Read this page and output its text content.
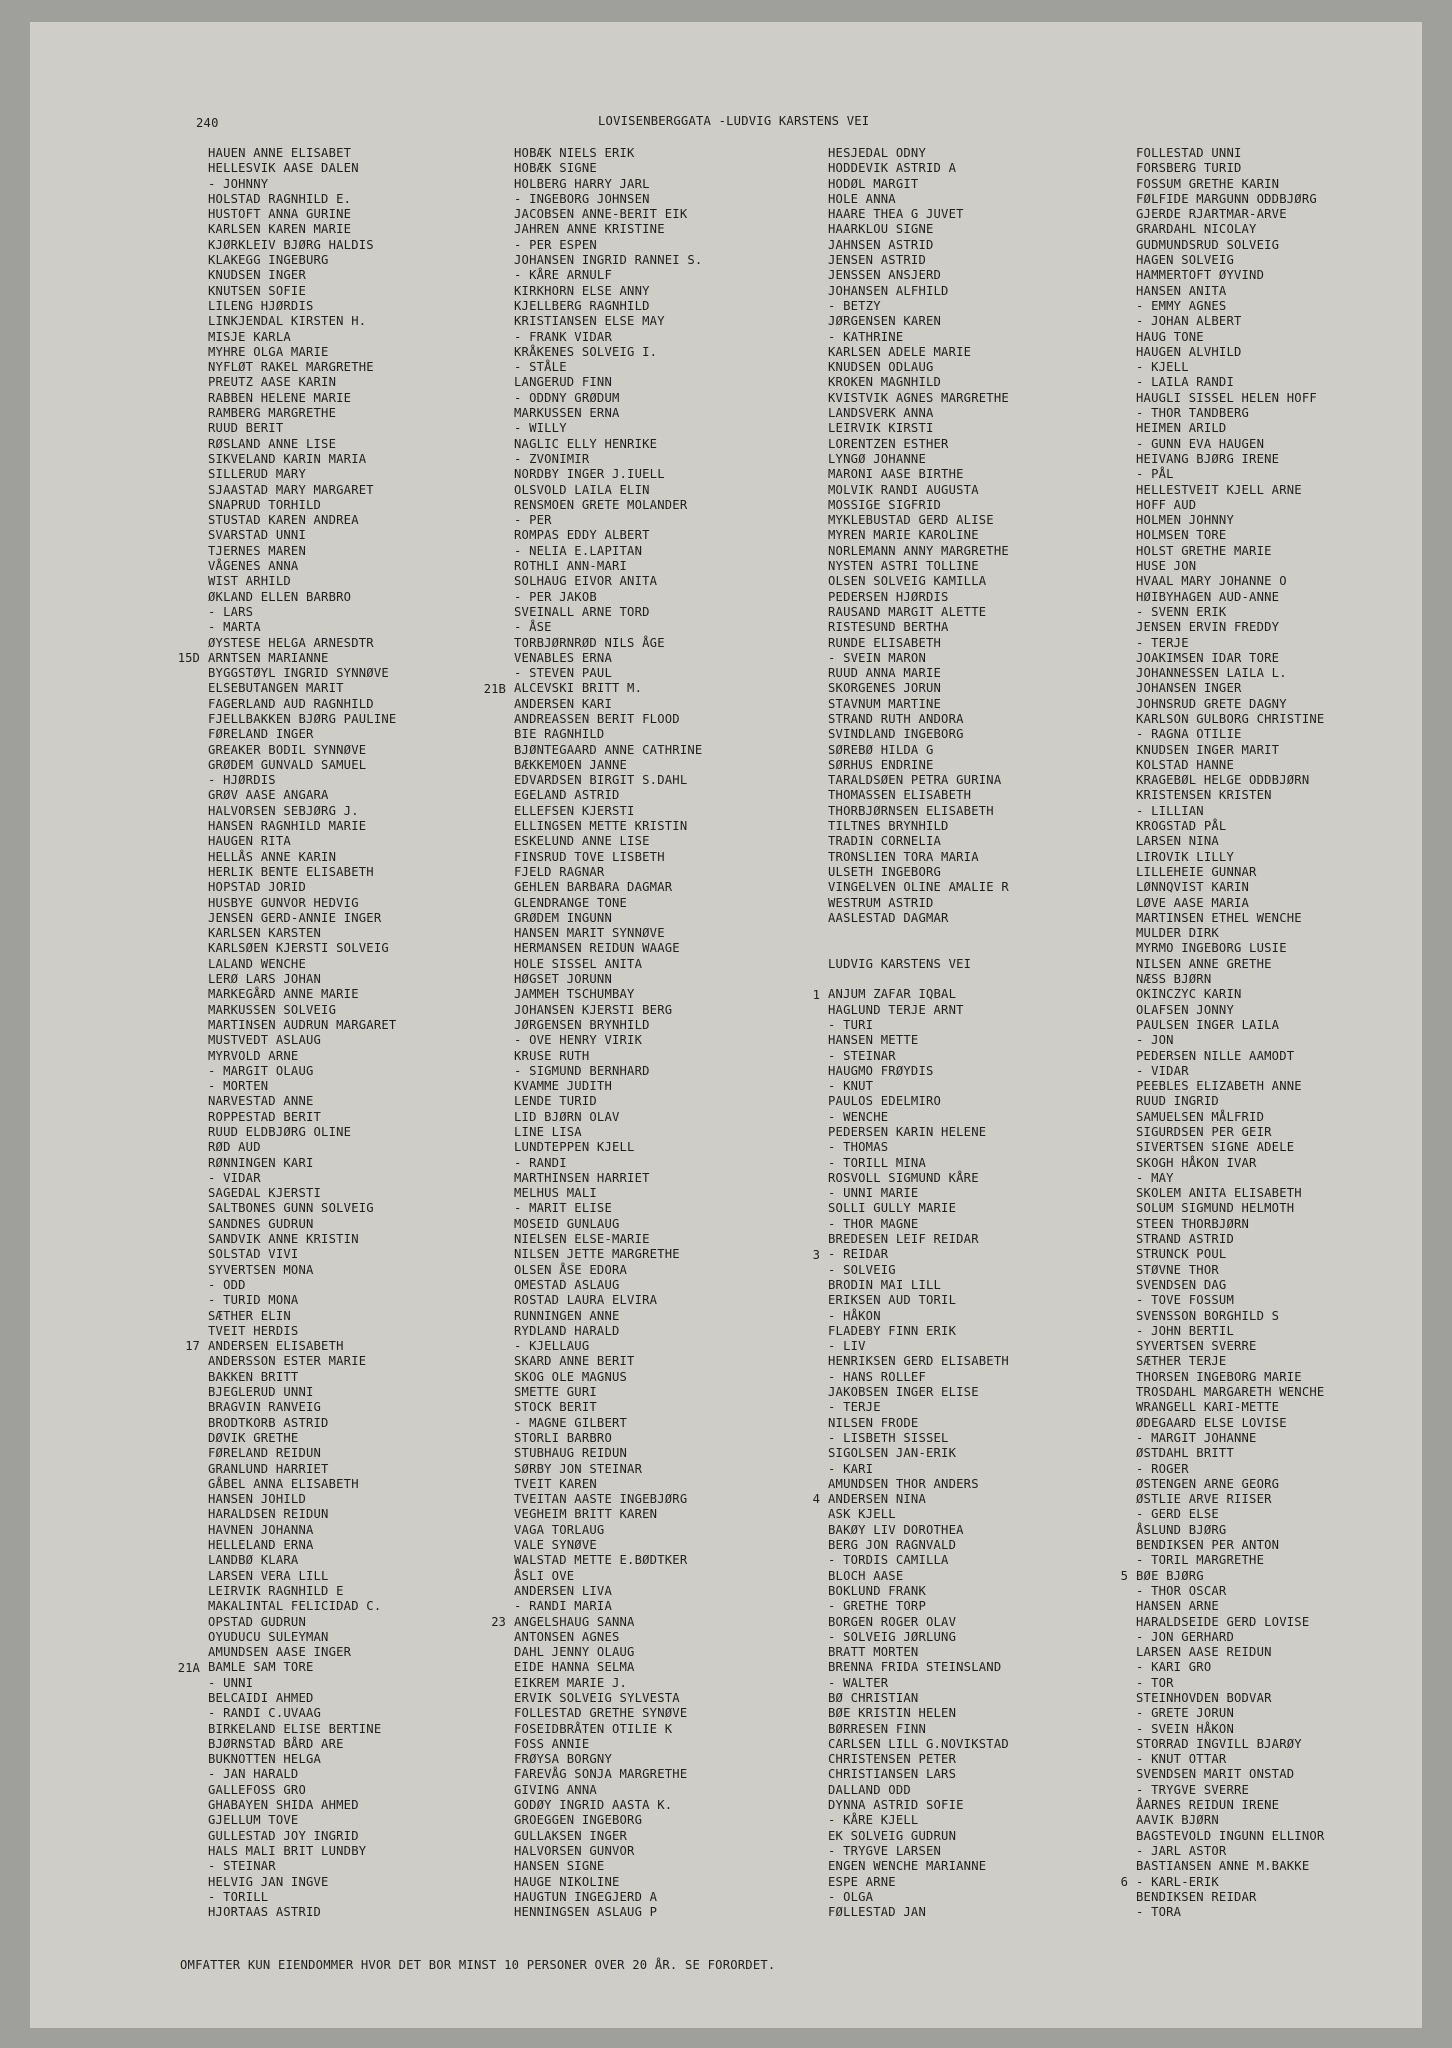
240	LOVISENBERGGATA -LUDVIG KARSTENS VEI
HAUEN ANNE ELISABET
HELLESVIK AASE DALEN
- JOHNNY
HOLSTAD RAGNHILD E.
HUSTOFT ANNA GURINE
KARLSEN KAREN MARIE
KJØRKLEIV BJØRG HALDIS
KLAKEGG INGEBURG
KNUDSEN INGER
KNUTSEN SOFIE
LILENG HJØRDIS
LINKJENDAL KIRSTEN H.
MISJE KARLA
MYHRE OLGA MARIE
NYFLØT RAKEL MARGRETHE
PREUTZ AASE KARIN
RABBEN HELENE MARIE
RAMBERG MARGRETHE
RUUD BERIT
RØSLAND ANNE LISE
SIKVELAND KARIN MARIA
SILLERUD MARY
SJAASTAD MARY MARGARET
SNAPRUD TORHILD
STUSTAD KAREN ANDREA
SVARSTAD UNNI
TJERNES MAREN
VÅGENES ANNA
WIST ARHILD
ØKLAND ELLEN BARBRO
- LARS
- MARTA
ØYSTESE HELGA ARNESDTR
ARNTSEN MARIANNE
BYGGSTØYL INGRID SYNNØVE
ELSEBUTANGEN MARIT
FAGERLAND AUD RAGNHILD
FJELLBAKKEN BJØRG PAULINE
FØRELAND INGER
GREAKER BODIL SYNNØVE
GRØDEM GUNVALD SAMUEL
- HJØRDIS
GRØV AASE ANGARA
HALVORSEN SEBJØRG J.
HANSEN RAGNHILD MARIE
HAUGEN RITA
HELLÅS ANNE KARIN
HERLIK BENTE ELISABETH
HOPSTAD JORID
HUSBYE GUNVOR HEDVIG
JENSEN GERD-ANNIE INGER
KARLSEN KARSTEN
KARLSØEN KJERSTI SOLVEIG
LALAND WENCHE
LERØ LARS JOHAN
MARKEGÅRD ANNE MARIE
MARKUSSEN SOLVEIG
MARTINSEN AUDRUN MARGARET
MUSTVEDT ASLAUG
MYRVOLD ARNE
- MARGIT OLAUG
- MORTEN
NARVESTAD ANNE
ROPPESTAD BERIT
RUUD ELDBJØRG OLINE
RØD AUD
RØNNINGEN KARI
- VIDAR
SAGEDAL KJERSTI
SALTBONES GUNN SOLVEIG
SANDNES GUDRUN
SANDVIK ANNE KRISTIN
SOLSTAD VIVI
SYVERTSEN MONA
- ODD
- TURID MONA
SÆTHER ELIN
TVEIT HERDIS
ANDERSEN ELISABETH
ANDERSSON ESTER MARIE
BAKKEN BRITT
BJEGLERUD UNNI
BRAGVIN RANVEIG
BRODTKORB ASTRID
DØVIK GRETHE
FØRELAND REIDUN
GRANLUND HARRIET
GÅBEL ANNA ELISABETH
HANSEN JOHILD
HARALDSEN REIDUN
HAVNEN JOHANNA
HELLELAND ERNA
LANDBØ KLARA
LARSEN VERA LILL
LEIRVIK RAGNHILD E
MAKALINTAL FELICIDAD C.
OPSTAD GUDRUN
OYUDUCU SULEYMAN
AMUNDSEN AASE INGER
BAMLE SAM TORE
- UNNI
BELCAIDI AHMED
- RANDI C.UVAAG
BIRKELAND ELISE BERTINE
BJØRNSTAD BÅRD ARE
BUKNOTTEN HELGA
- JAN HARALD
GALLEFOSS GRO
GHABAYEN SHIDA AHMED
GJELLUM TOVE
GULLESTAD JOY INGRID
HALS MALI BRIT LUNDBY
- STEINAR
HELVIG JAN INGVE
- TORILL
HJORTAAS ASTRID
HOBÆK NIELS ERIK
HOBÆK SIGNE
HOLBERG HARRY JARL
- INGEBORG JOHNSEN
JACOBSEN ANNE-BERIT EIK
JAHREN ANNE KRISTINE
- PER ESPEN
JOHANSEN INGRID RANNEI S.
- KÅRE ARNULF
KIRKHORN ELSE ANNY
KJELLBERG RAGNHILD
KRISTIANSEN ELSE MAY
- FRANK VIDAR
KRÅKENES SOLVEIG I.
- STÅLE
LANGERUD FINN
- ODDNY GRØDUM
MARKUSSEN ERNA
- WILLY
NAGLIC ELLY HENRIKE
- ZVONIMIR
NORDBY INGER J.IUELL
OLSVOLD LAILA ELIN
RENSMOEN GRETE MOLANDER
- PER
ROMPAS EDDY ALBERT
- NELIA E.LAPITAN
ROTHLI ANN-MARI
SOLHAUG EIVOR ANITA
- PER JAKOB
SVEINALL ARNE TORD
- ÅSE
TORBJØRNRØD NILS ÅGE
VENABLES ERNA
- STEVEN PAUL
ALCEVSKI BRITT M.
ANDERSEN KARI
ANDREASSEN BERIT FLOOD
BIE RAGNHILD
BJØNTEGAARD ANNE CATHRINE
BÆKKEMOEN JANNE
EDVARDSEN BIRGIT S.DAHL
EGELAND ASTRID
ELLEFSEN KJERSTI
ELLINGSEN METTE KRISTIN
ESKELUND ANNE LISE
FINSRUD TOVE LISBETH
FJELD RAGNAR
GEHLEN BARBARA DAGMAR
GLENDRANGE TONE
GRØDEM INGUNN
HANSEN MARIT SYNNØVE
HERMANSEN REIDUN WAAGE
HOLE SISSEL ANITA
HØGSET JORUNN
JAMMEH TSCHUMBAY
JOHANSEN KJERSTI BERG
JØRGENSEN BRYNHILD
- OVE HENRY VIRIK
KRUSE RUTH
- SIGMUND BERNHARD
KVAMME JUDITH
LENDE TURID
LID BJØRN OLAV
LINE LISA
LUNDTEPPEN KJELL
- RANDI
MARTHINSEN HARRIET
MELHUS MALI
- MARIT ELISE
MOSEID GUNLAUG
NIELSEN ELSE-MARIE
NILSEN JETTE MARGRETHE
OLSEN ÅSE EDORA
OMESTAD ASLAUG
ROSTAD LAURA ELVIRA
RUNNINGEN ANNE
RYDLAND HARALD
- KJELLAUG
SKARD ANNE BERIT
SKOG OLE MAGNUS
SMETTE GURI
STOCK BERIT
- MAGNE GILBERT
STORLI BARBRO
STUBHAUG REIDUN
SØRBY JON STEINAR
TVEIT KAREN
TVEITAN AASTE INGEBJØRG
VEGHEIM BRITT KAREN
VAGA TORLAUG
VALE SYNØVE
WALSTAD METTE E.BØDTKER
ÅSLI OVE
ANDERSEN LIVA
- RANDI MARIA
ANGELSHAUG SANNA
ANTONSEN AGNES
DAHL JENNY OLAUG
EIDE HANNA SELMA
EIKREM MARIE J.
ERVIK SOLVEIG SYLVESTA
FOLLESTAD GRETHE SYNØVE
FOSEIDBRÅTEN OTILIE K
FOSS ANNIE
FRØYSA BORGNY
FAREVÅG SONJA MARGRETHE
GIVING ANNA
GODØY INGRID AASTA K.
GROEGGEN INGEBORG
GULLAKSEN INGER
HALVORSEN GUNVOR
HANSEN SIGNE
HAUGE NIKOLINE
HAUGTUN INGEGJERD A
HENNINGSEN ASLAUG P
HESJEDAL ODNY
HODDEVIK ASTRID A
HODØL MARGIT
HOLE ANNA
HAARE THEA G JUVET
HAARKLOU SIGNE
JAHNSEN ASTRID
JENSEN ASTRID
JENSSEN ANSJERD
JOHANSEN ALFHILD
- BETZY
JØRGENSEN KAREN
- KATHRINE
KARLSEN ADELE MARIE
KNUDSEN ODLAUG
KROKEN MAGNHILD
KVISTVIK AGNES MARGRETHE
LANDSVERK ANNA
LEIRVIK KIRSTI
LORENTZEN ESTHER
LYNGØ JOHANNE
MARONI AASE BIRTHE
MOLVIK RANDI AUGUSTA
MOSSIGE SIGFRID
MYKLEBUSTAD GERD ALISE
MYREN MARIE KAROLINE
NORLEMANN ANNY MARGRETHE
NYSTEN ASTRI TOLLINE
OLSEN SOLVEIG KAMILLA
PEDERSEN HJØRDIS
RAUSAND MARGIT ALETTE
RISTESUND BERTHA
RUNDE ELISABETH
- SVEIN MARON
RUUD ANNA MARIE
SKORGENES JORUN
STAVNUM MARTINE
STRAND RUTH ANDORA
SVINDLAND INGEBORG
SØREBØ HILDA G
SØRHUS ENDRINE
TARALDSØEN PETRA GURINA
THOMASSEN ELISABETH
THORBJØRNSEN ELISABETH
TILTNES BRYNHILD
TRADIN CORNELIA
TRONSLIEN TORA MARIA
ULSETH INGEBORG
VINGELVEN OLINE AMALIE R
WESTRUM ASTRID
AASLESTAD DAGMAR
LUDVIG KARSTENS VEI
ANJUM ZAFAR IQBAL
HAGLUND TERJE ARNT
- TURI
HANSEN METTE
- STEINAR
HAUGMO FRØYDIS
- KNUT
PAULOS EDELMIRO
- WENCHE
PEDERSEN KARIN HELENE
- THOMAS
- TORILL MINA
ROSVOLL SIGMUND KÅRE
- UNNI MARIE
SOLLI GULLY MARIE
- THOR MAGNE
BREDESEN LEIF REIDAR
- REIDAR
- SOLVEIG
BRODIN MAI LILL
ERIKSEN AUD TORIL
- HÅKON
FLADEBY FINN ERIK
- LIV
HENRIKSEN GERD ELISABETH
- HANS ROLLEF
JAKOBSEN INGER ELISE
- TERJE
NILSEN FRODE
- LISBETH SISSEL
SIGOLSEN JAN-ERIK
- KARI
AMUNDSEN THOR ANDERS
ANDERSEN NINA
ASK KJELL
BAKØY LIV DOROTHEA
BERG JON RAGNVALD
- TORDIS CAMILLA
BLOCH AASE
BOKLUND FRANK
- GRETHE TORP
BORGEN ROGER OLAV
- SOLVEIG JØRLUNG
BRATT MORTEN
BRENNA FRIDA STEINSLAND
- WALTER
BØ CHRISTIAN
BØE KRISTIN HELEN
BØRRESEN FINN
CARLSEN LILL G.NOVIKSTAD
CHRISTENSEN PETER
CHRISTIANSEN LARS
DALLAND ODD
DYNNA ASTRID SOFIE
- KÅRE KJELL
EK SOLVEIG GUDRUN
- TRYGVE LARSEN
ENGEN WENCHE MARIANNE
ESPE ARNE
- OLGA
FØLLESTAD JAN
FOLLESTAD UNNI
FORSBERG TURID
FOSSUM GRETHE KARIN
FØLFIDE MARGUNN ODDBJØRG
GJERDE RJARTMAR-ARVE
GRARDAHL NICOLAY
GUDMUNDSRUD SOLVEIG
HAGEN SOLVEIG
HAMMERTOFT ØYVIND
HANSEN ANITA
- EMMY AGNES
- JOHAN ALBERT
HAUG TONE
HAUGEN ALVHILD
- KJELL
- LAILA RANDI
HAUGLI SISSEL HELEN HOFF
- THOR TANDBERG
HEIMEN ARILD
- GUNN EVA HAUGEN
HEIVANG BJØRG IRENE
- PÅL
HELLESTVEIT KJELL ARNE
HOFF AUD
HOLMEN JOHNNY
HOLMSEN TORE
HOLST GRETHE MARIE
HUSE JON
HVAAL MARY JOHANNE O
HØIBYHAGEN AUD-ANNE
- SVENN ERIK
JENSEN ERVIN FREDDY
- TERJE
JOAKIMSEN IDAR TORE
JOHANNESSEN LAILA L.
JOHANSEN INGER
JOHNSRUD GRETE DAGNY
KARLSON GULBORG CHRISTINE
- RAGNA OTILIE
KNUDSEN INGER MARIT
KOLSTAD HANNE
KRAGEBØL HELGE ODDBJØRN
KRISTENSEN KRISTEN
- LILLIAN
KROGSTAD PÅL
LARSEN NINA
LIROVIK LILLY
LILLEHEIE GUNNAR
LØNNQVIST KARIN
LØVE AASE MARIA
MARTINSEN ETHEL WENCHE
MULDER DIRK
MYRMO INGEBORG LUSIE
NILSEN ANNE GRETHE
NÆSS BJØRN
OKINCZYC KARIN
OLAFSEN JONNY
PAULSEN INGER LAILA
- JON
PEDERSEN NILLE AAMODT
- VIDAR
PEEBLES ELIZABETH ANNE
RUUD INGRID
SAMUELSEN MÅLFRID
SIGURDSEN PER GEIR
SIVERTSEN SIGNE ADELE
SKOGH HÅKON IVAR
- MAY
SKOLEM ANITA ELISABETH
SOLUM SIGMUND HELMOTH
STEEN THORBJØRN
STRAND ASTRID
STRUNCK POUL
STØVNE THOR
SVENDSEN DAG
- TOVE FOSSUM
SVENSSON BORGHILD S
- JOHN BERTIL
SYVERTSEN SVERRE
SÆTHER TERJE
THORSEN INGEBORG MARIE
TROSDAHL MARGARETH WENCHE
WRANGELL KARI-METTE
ØDEGAARD ELSE LOVISE
- MARGIT JOHANNE
ØSTDAHL BRITT
- ROGER
ØSTENGEN ARNE GEORG
ØSTLIE ARVE RIISER
- GERD ELSE
ÅSLUND BJØRG
BENDIKSEN PER ANTON
- TORIL MARGRETHE
BØE BJØRG
- THOR OSCAR
HANSEN ARNE
HARALDSEIDE GERD LOVISE
- JON GERHARD
LARSEN AASE REIDUN
- KARI GRO
- TOR
STEINHOVDEN BODVAR
- GRETE JORUN
- SVEIN HÅKON
STORRAD INGVILL BJARØY
- KNUT OTTAR
SVENDSEN MARIT ONSTAD
- TRYGVE SVERRE
ÅARNES REIDUN IRENE
AAVIK BJØRN
BAGSTEVOLD INGUNN ELLINOR
- JARL ASTOR
BASTIANSEN ANNE M.BAKKE
- KARL-ERIK
BENDIKSEN REIDAR
- TORA
15D
17
21A
21B
23
1
3
4
5
6
OMFATTER KUN EIENDOMMER HVOR DET BOR MINST 10 PERSONER OVER 20 ÅR. SE FORORDET.
